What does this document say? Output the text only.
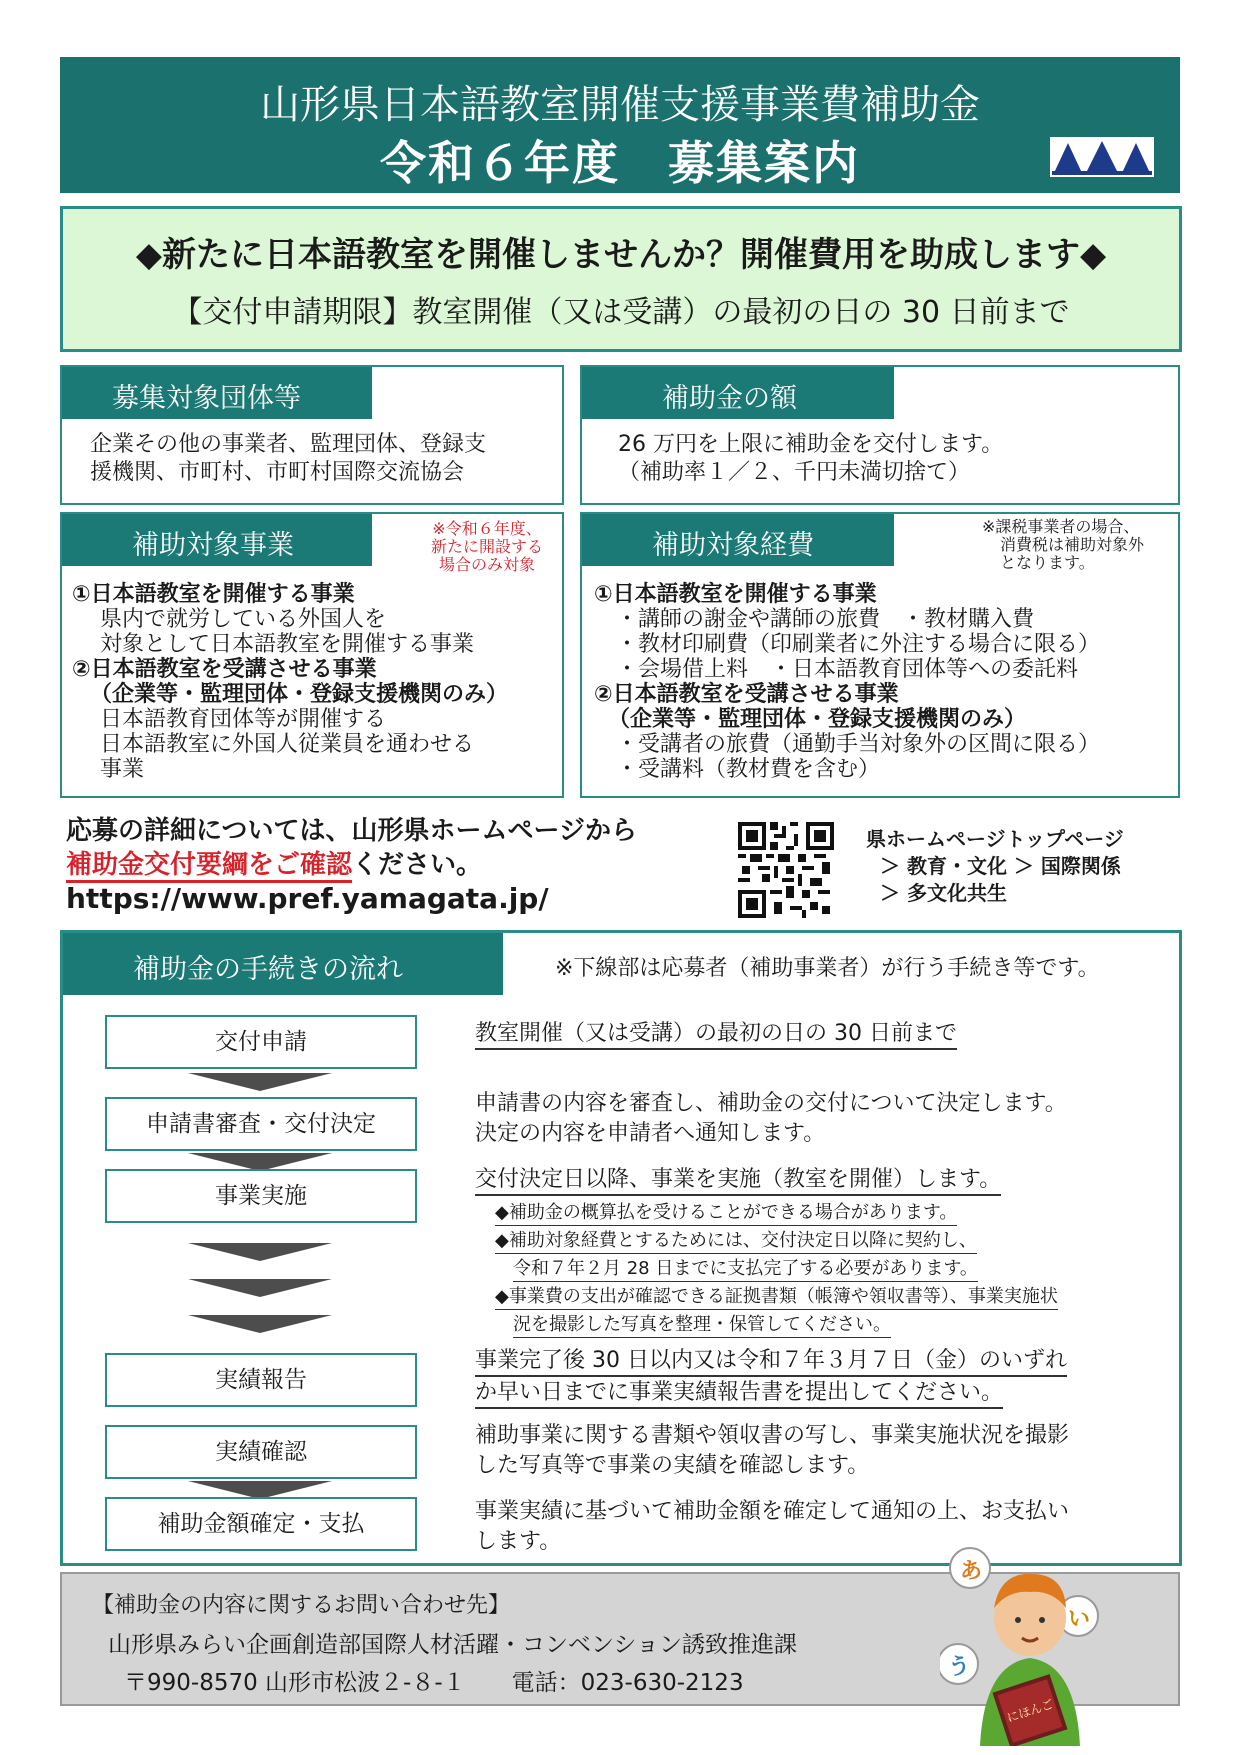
山形県日本語教室開催支援事業費補助金
令和６年度　募集案内
◆新たに日本語教室を開催しませんか？開催費用を助成します◆
【交付申請期限】教室開催（又は受講）の最初の日の 30 日前まで
募集対象団体等
企業その他の事業者、監理団体、登録支
援機関、市町村、市町村国際交流協会
補助金の額
26 万円を上限に補助金を交付します。
（補助率１／２、千円未満切捨て）
補助対象事業
※令和６年度、
新たに開設する
場合のみ対象
①日本語教室を開催する事業
県内で就労している外国人を
対象として日本語教室を開催する事業
②日本語教室を受講させる事業
（企業等・監理団体・登録支援機関のみ）
日本語教育団体等が開催する
日本語教室に外国人従業員を通わせる
事業
補助対象経費
※課税事業者の場合、
消費税は補助対象外
となります。
①日本語教室を開催する事業
・講師の謝金や講師の旅費　・教材購入費
・教材印刷費（印刷業者に外注する場合に限る）
・会場借上料　・日本語教育団体等への委託料
②日本語教室を受講させる事業
（企業等・監理団体・登録支援機関のみ）
・受講者の旅費（通勤手当対象外の区間に限る）
・受講料（教材費を含む）
応募の詳細については、山形県ホームページから
補助金交付要綱をご確認ください。
https://www.pref.yamagata.jp/
県ホームページトップページ
＞ 教育・文化 ＞ 国際関係
＞ 多文化共生
補助金の手続きの流れ	※下線部は応募者（補助事業者）が行う手続き等です。
交付申請
申請書審査・交付決定
事業実施
実績報告
実績確認
補助金額確定・支払
教室開催（又は受講）の最初の日の 30 日前まで
申請書の内容を審査し、補助金の交付について決定します。
決定の内容を申請者へ通知します。
交付決定日以降、事業を実施（教室を開催）します。
◆補助金の概算払を受けることができる場合があります。
◆補助対象経費とするためには、交付決定日以降に契約し、
令和７年２月 28 日までに支払完了する必要があります。
◆事業費の支出が確認できる証拠書類（帳簿や領収書等）、事業実施状
況を撮影した写真を整理・保管してください。
事業完了後 30 日以内又は令和７年３月７日（金）のいずれ
か早い日までに事業実績報告書を提出してください。
補助事業に関する書類や領収書の写し、事業実施状況を撮影
した写真等で事業の実績を確認します。
事業実績に基づいて補助金額を確定して通知の上、お支払い
します。
【補助金の内容に関するお問い合わせ先】
山形県みらい企画創造部国際人材活躍・コンベンション誘致推進課
〒990-8570 山形市松波２-８-１　　電話：023-630-2123
あ
い
う
にほんご
